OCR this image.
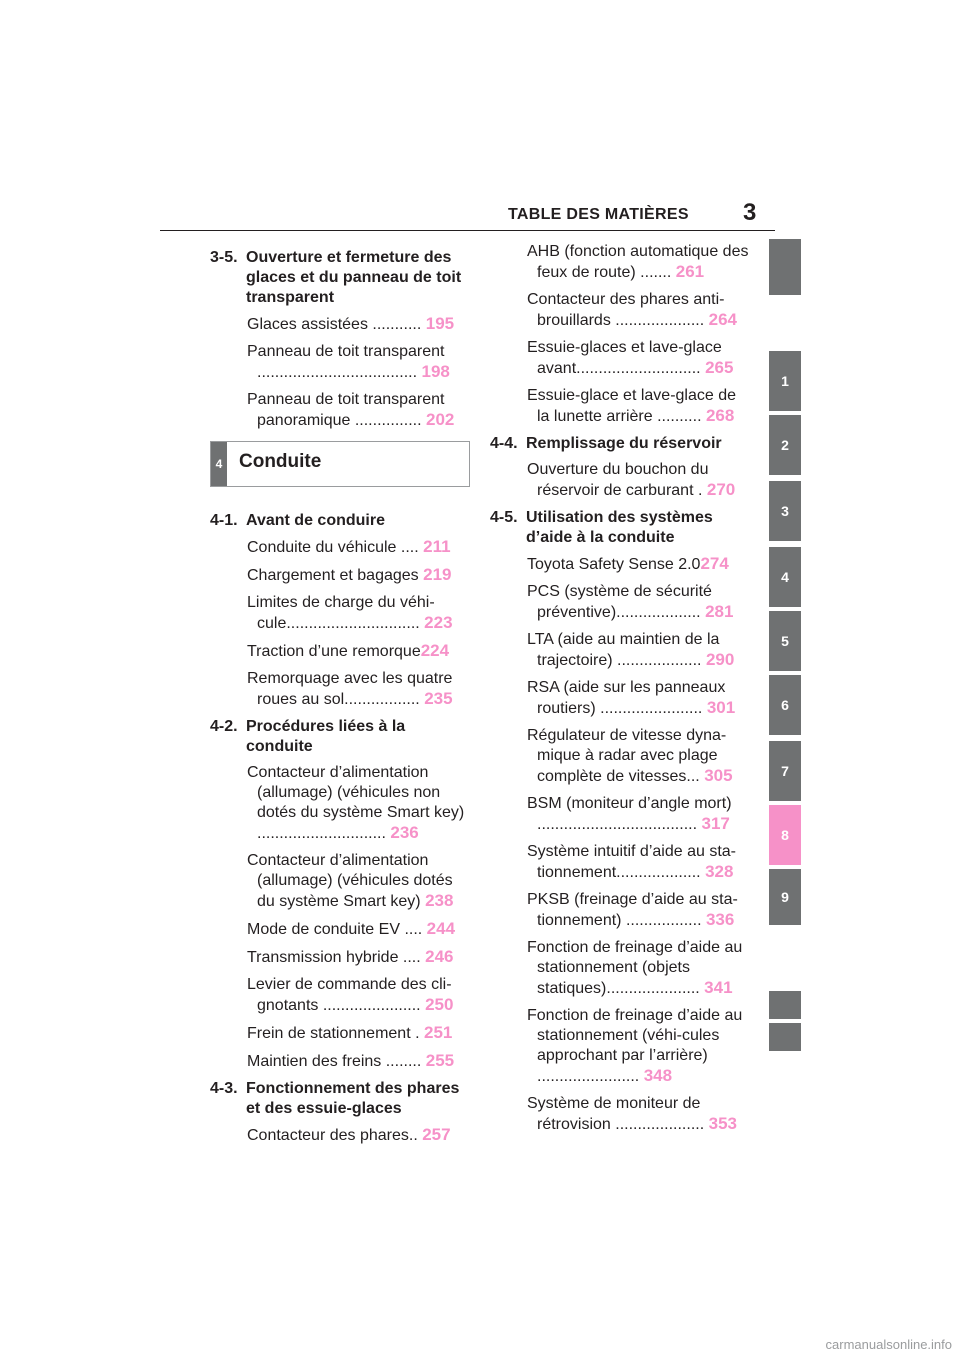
TABLE DES MATIÈRES 3
1
2
3
4
5
6
7
8
9
3-5. Ouverture et fermeture des glaces et du panneau de toit transparent
Glaces assistées ........... 195
Panneau de toit transparent .................................... 198
Panneau de toit transparent panoramique ............... 202
4 Conduite
4-1. Avant de conduire
Conduite du véhicule .... 211
Chargement et bagages 219
Limites de charge du véhi-cule.............................. 223
Traction d’une remorque224
Remorquage avec les quatre roues au sol................. 235
4-2. Procédures liées à la conduite
Contacteur d’alimentation (allumage) (véhicules non dotés du système Smart key) ............................. 236
Contacteur d’alimentation (allumage) (véhicules dotés du système Smart key) 238
Mode de conduite EV .... 244
Transmission hybride .... 246
Levier de commande des cli-gnotants ...................... 250
Frein de stationnement . 251
Maintien des freins ........ 255
4-3. Fonctionnement des phares et des essuie-glaces
Contacteur des phares.. 257
AHB (fonction automatique des feux de route) ....... 261
Contacteur des phares anti-brouillards .................... 264
Essuie-glaces et lave-glace avant............................ 265
Essuie-glace et lave-glace de la lunette arrière .......... 268
4-4. Remplissage du réservoir
Ouverture du bouchon du réservoir de carburant . 270
4-5. Utilisation des systèmes d’aide à la conduite
Toyota Safety Sense 2.0274
PCS (système de sécurité préventive)................... 281
LTA (aide au maintien de la trajectoire) ................... 290
RSA (aide sur les panneaux routiers) ....................... 301
Régulateur de vitesse dyna-mique à radar avec plage complète de vitesses... 305
BSM (moniteur d’angle mort) .................................... 317
Système intuitif d’aide au sta-tionnement................... 328
PKSB (freinage d’aide au sta-tionnement) ................. 336
Fonction de freinage d’aide au stationnement (objets statiques)..................... 341
Fonction de freinage d’aide au stationnement (véhi-cules approchant par l’arrière) ....................... 348
Système de moniteur de rétrovision .................... 353
carmanualsonline.info
